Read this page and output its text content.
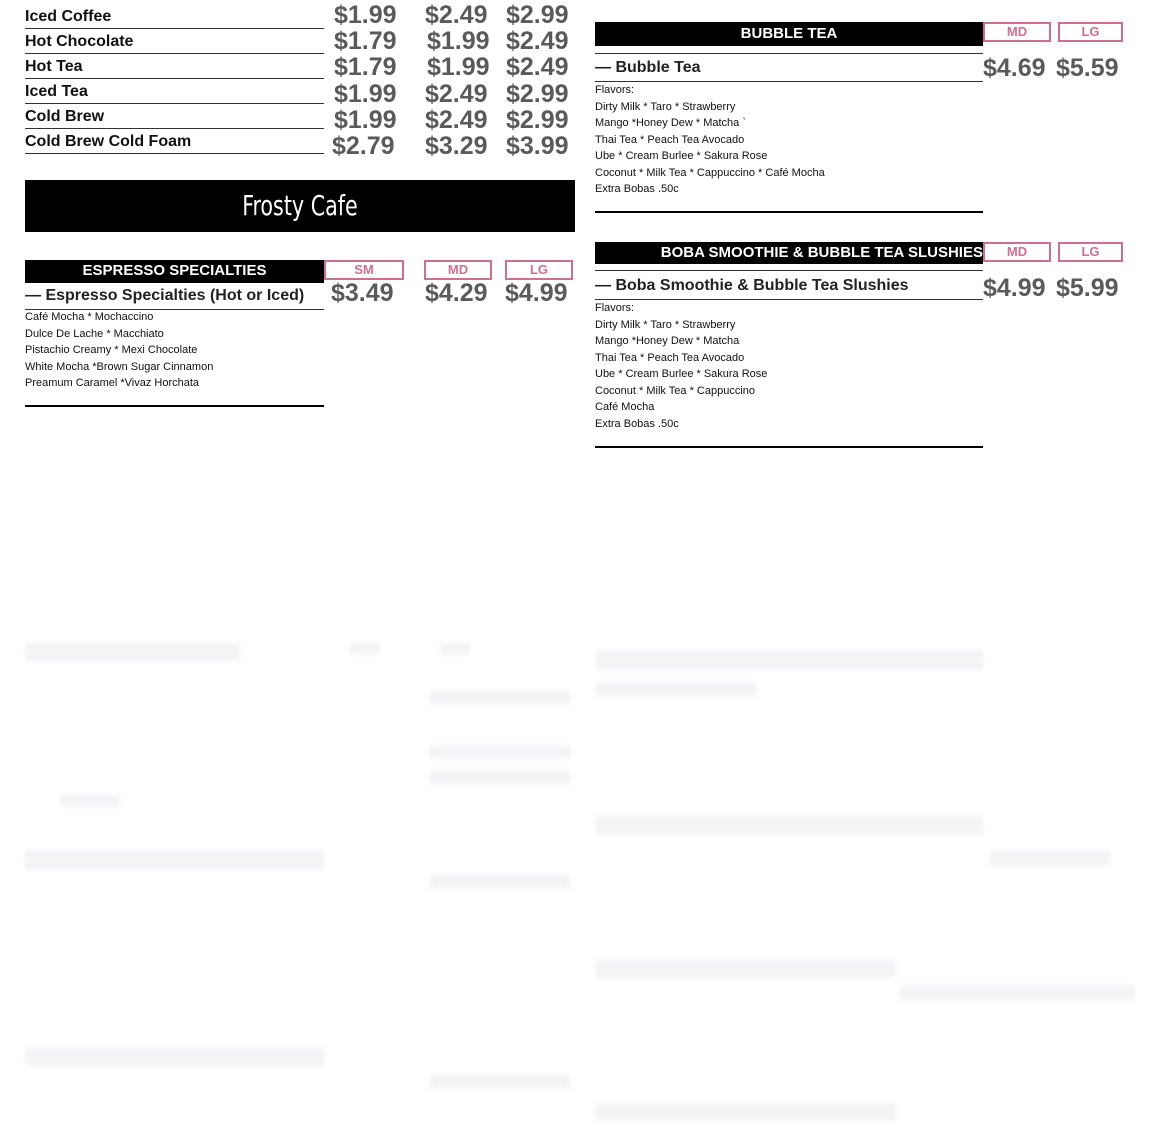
Iced Coffee	$1.99 $2.49 $2.99
Hot Chocolate	$1.79 $1.99 $2.49
Hot Tea	$1.79 $1.99 $2.49
Iced Tea	$1.99 $2.49 $2.99
Cold Brew	$1.99 $2.49 $2.99
Cold Brew Cold Foam	$2.79 $3.29 $3.99
Frosty Cafe
ESPRESSO SPECIALTIES	SM	MD	LG
— Espresso Specialties (Hot or Iced)	$3.49 $4.29 $4.99
Café Mocha * Mochaccino
Dulce De Lache * Macchiato
Pistachio Creamy * Mexi Chocolate
White Mocha *Brown Sugar Cinnamon
Preamum Caramel *Vivaz Horchata
BUBBLE TEA	MD	LG
— Bubble Tea	$4.69 $5.59
Flavors:
Dirty Milk * Taro * Strawberry
Mango *Honey Dew * Matcha `
Thai Tea * Peach Tea Avocado
Ube * Cream Burlee * Sakura Rose
Coconut * Milk Tea * Cappuccino * Café Mocha
Extra Bobas .50c
BOBA SMOOTHIE & BUBBLE TEA SLUSHIES	MD	LG
— Boba Smoothie & Bubble Tea Slushies	$4.99 $5.99
Flavors:
Dirty Milk * Taro * Strawberry
Mango *Honey Dew * Matcha
Thai Tea * Peach Tea Avocado
Ube * Cream Burlee * Sakura Rose
Coconut * Milk Tea * Cappuccino
Café Mocha
Extra Bobas .50c
